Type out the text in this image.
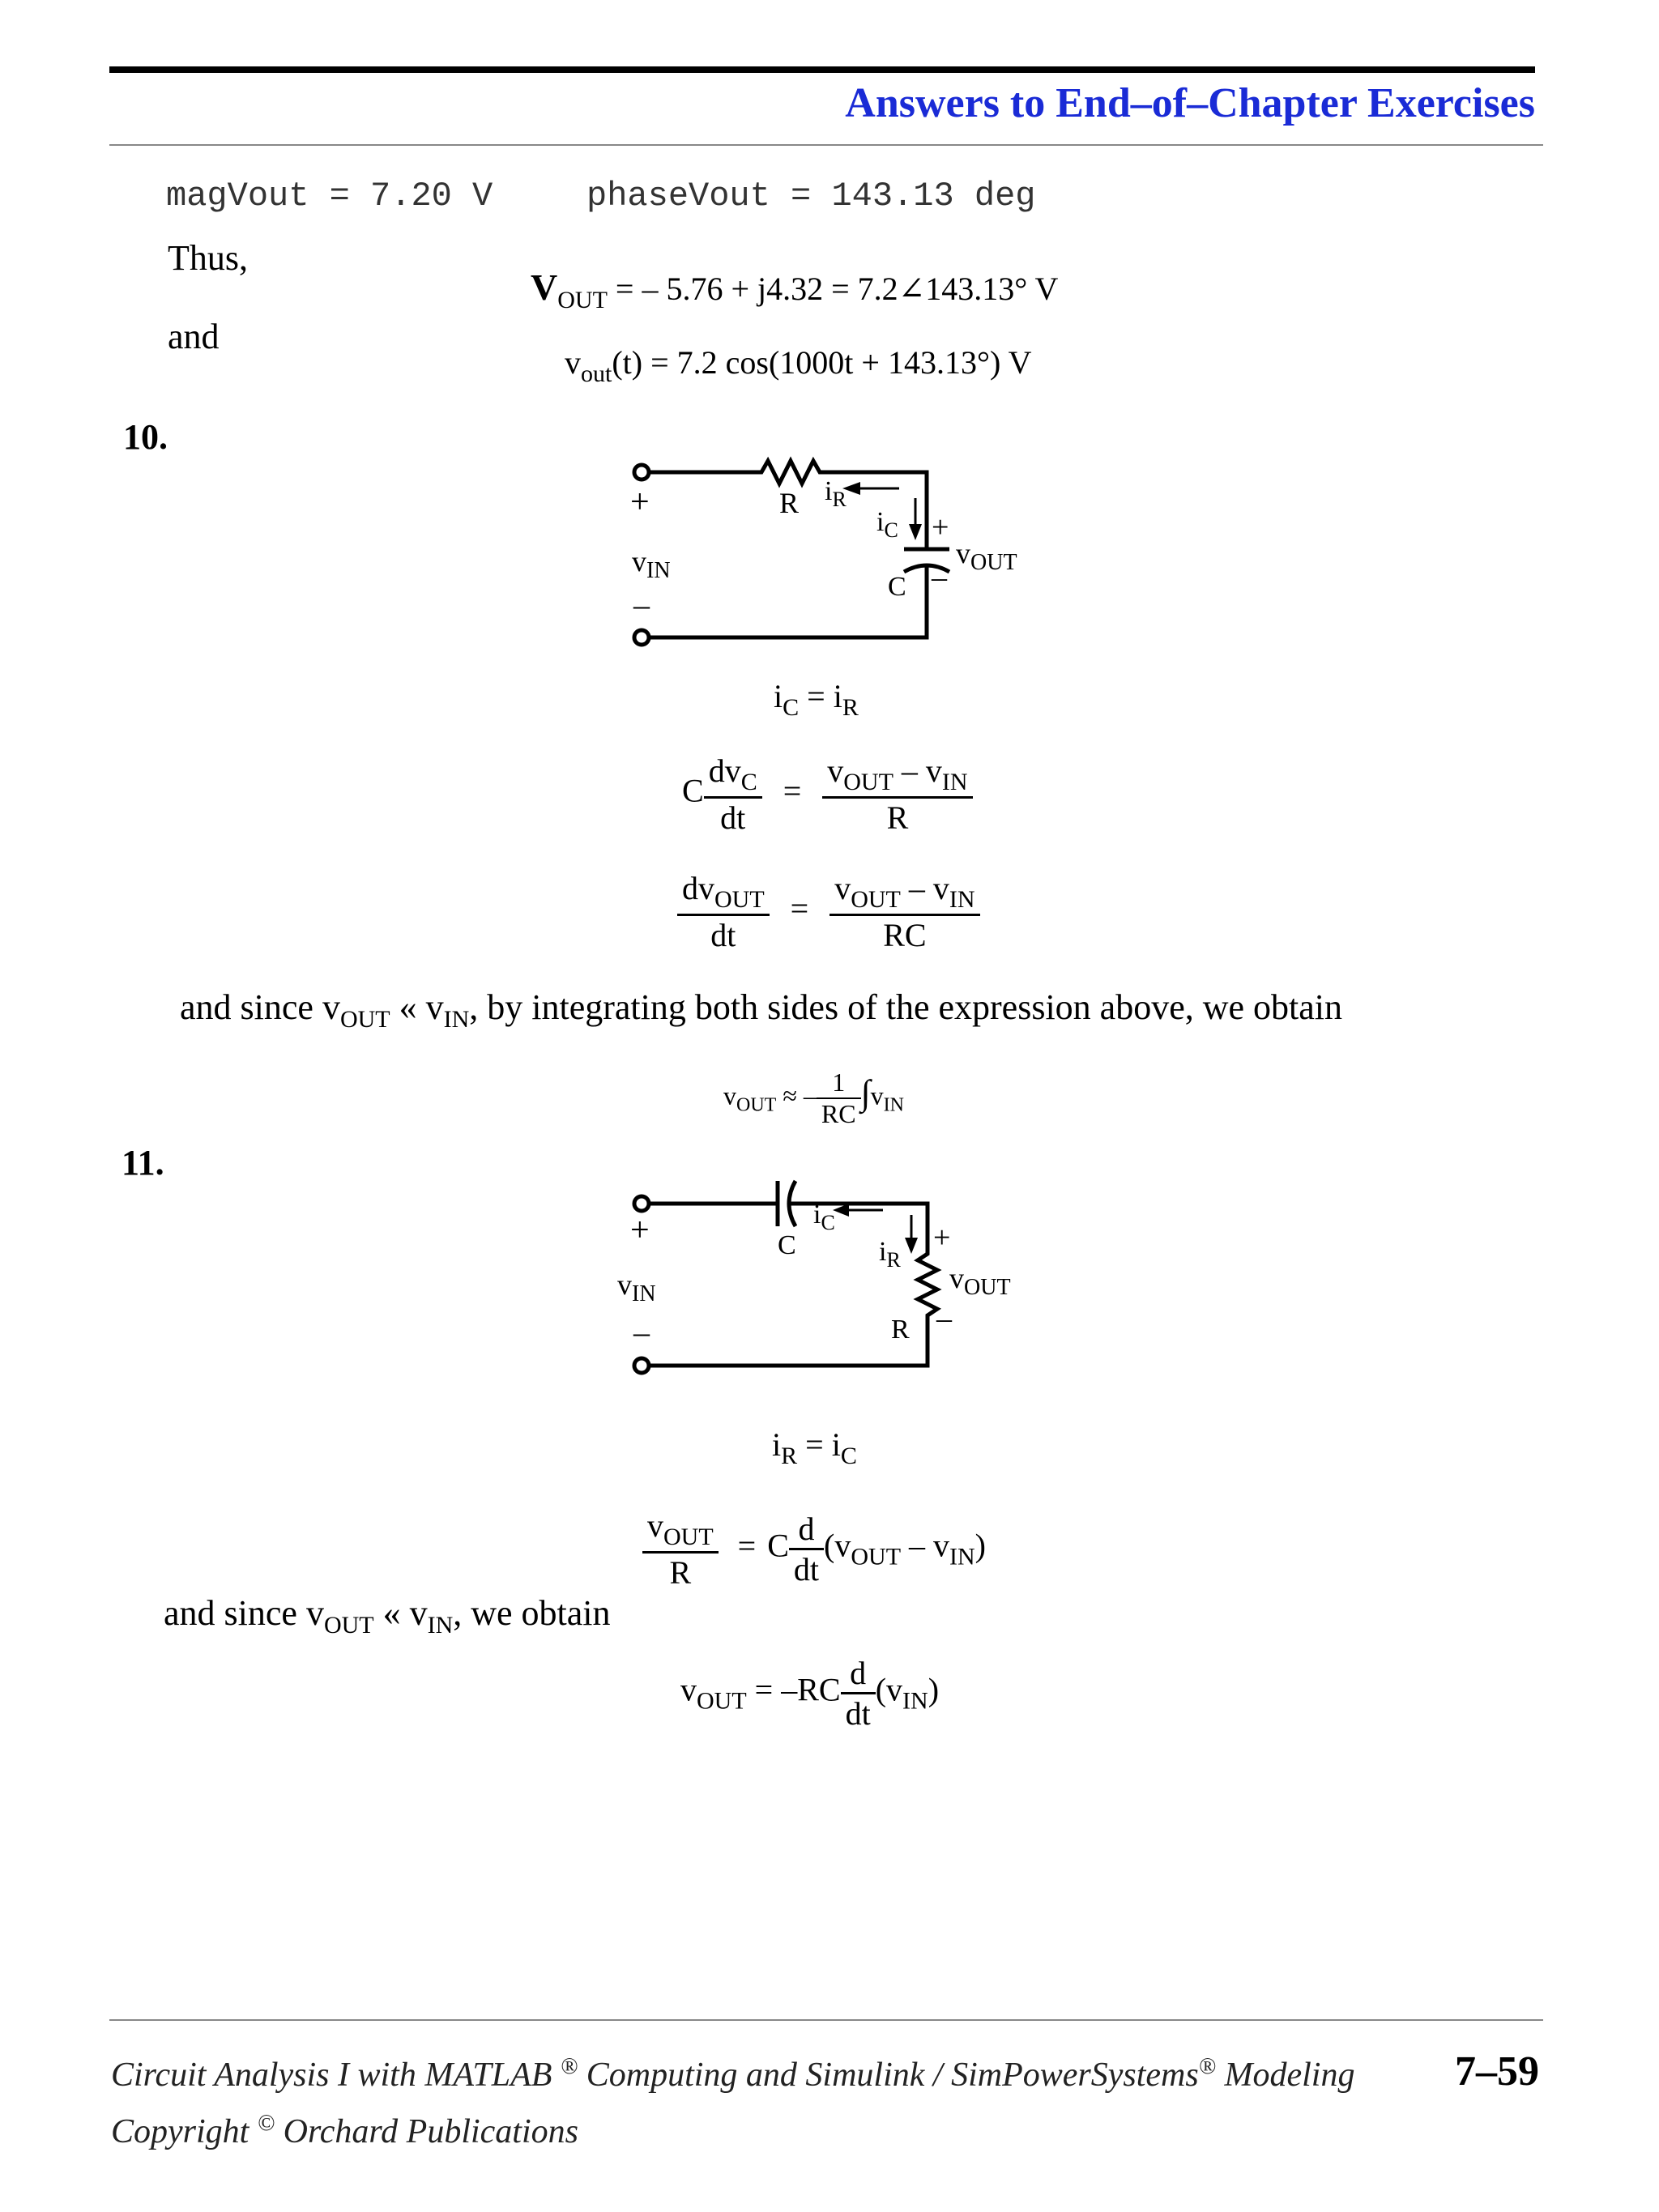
Answers to End–of–Chapter Exercises
magVout = 7.20 V	phaseVout = 143.13 deg
Thus,
$V_{OUT}$ = – 5.76 + j4.32 = 7.2∠143.13° V
and
$v_{out}(t) = 7.2$ cos(1000t + 143.13°) V
10.
+
$v_{IN}$
–
R $i_R$
$i_C$ +
–
C
$v_{OUT}$
$i_C = i_R$
C $\frac{dv_C}{dt} = \frac{v_{OUT} - v_{IN}}{R}$
$\frac{dv_{OUT}}{dt} = \frac{v_{OUT} - v_{IN}}{RC}$
and since $v_{OUT}$ « $v_{IN}$, by integrating both sides of the expression above, we obtain
$v_{OUT}$ ≈ – $\frac{1}{RC} \int v_{IN}$
11.
+
$v_{IN}$
–
C
$i_C$
$i_R$
R
+
–
$v_{OUT}$
$i_R = i_C$
$\frac{v_{OUT}}{R} = C \frac{d}{dt} (v_{OUT} - v_{IN})$
and since $v_{OUT}$ « $v_{IN}$, we obtain
$v_{OUT} = -RC \frac{d}{dt} (v_{IN})$
Circuit Analysis I with MATLAB ® Computing and Simulink / SimPowerSystems® Modeling 7–59
Copyright © Orchard Publications
